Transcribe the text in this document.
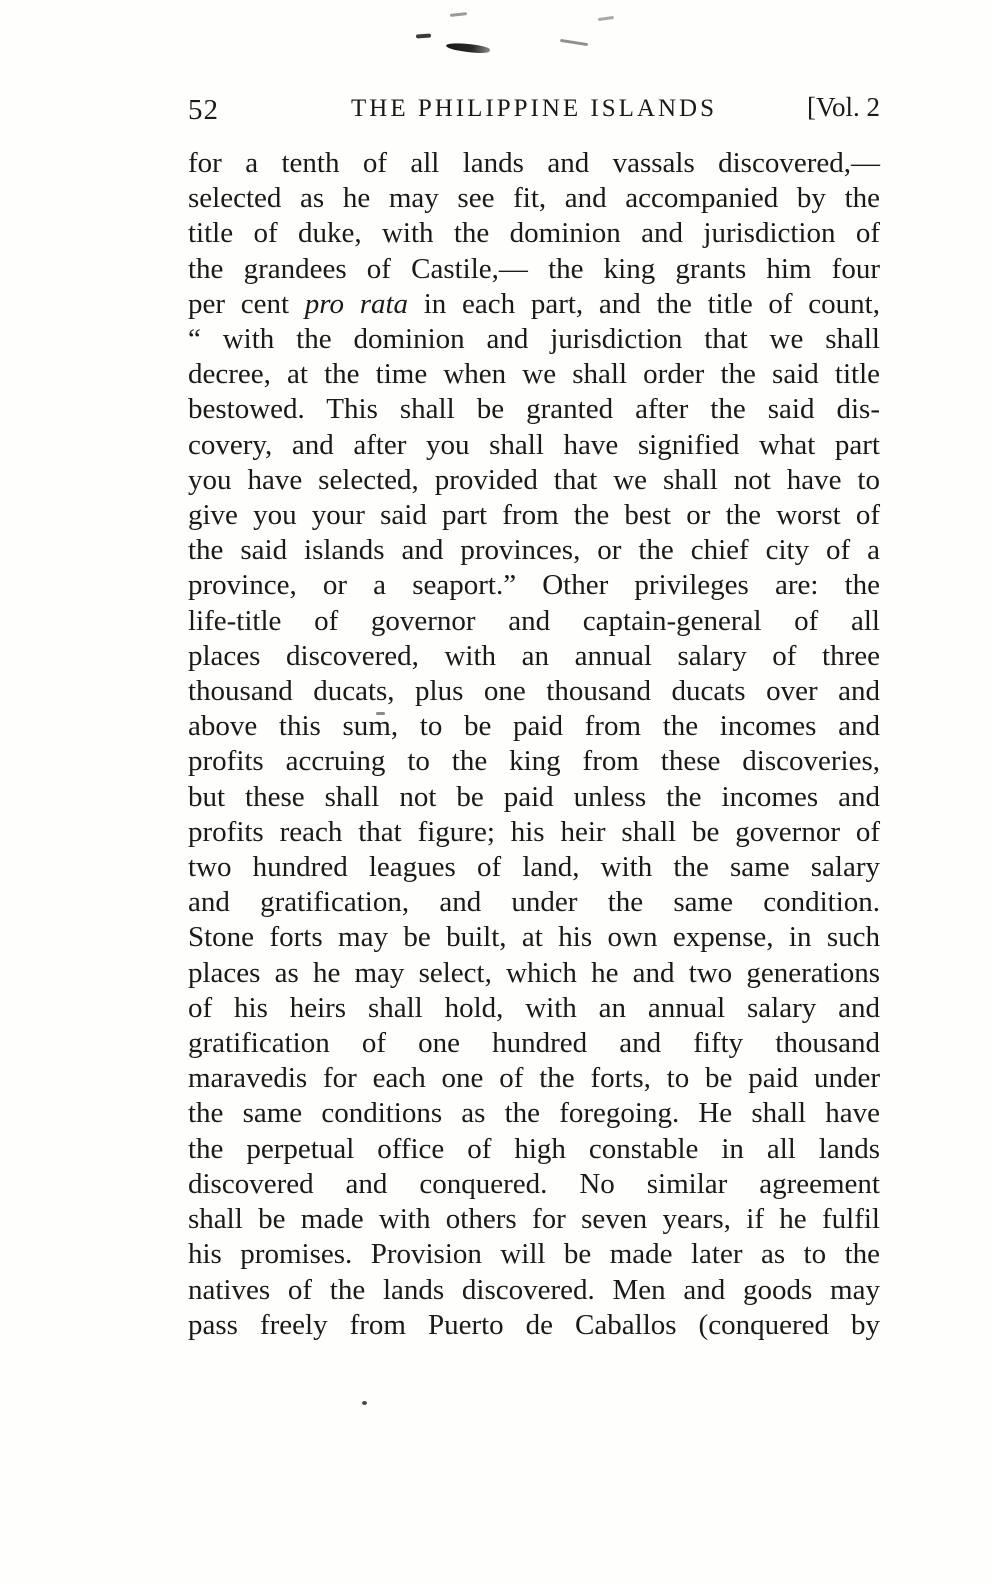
52	THE PHILIPPINE ISLANDS	[Vol. 2
for a tenth of all lands and vassals discovered,—
selected as he may see fit, and accompanied by the
title of duke, with the dominion and jurisdiction of
the grandees of Castile,— the king grants him four
per cent pro rata in each part, and the title of count,
“ with the dominion and jurisdiction that we shall
decree, at the time when we shall order the said title
bestowed. This shall be granted after the said dis-
covery, and after you shall have signified what part
you have selected, provided that we shall not have to
give you your said part from the best or the worst of
the said islands and provinces, or the chief city of a
province, or a seaport.” Other privileges are: the
life-title of governor and captain-general of all
places discovered, with an annual salary of three
thousand ducats, plus one thousand ducats over and
above this sum, to be paid from the incomes and
profits accruing to the king from these discoveries,
but these shall not be paid unless the incomes and
profits reach that figure; his heir shall be governor of
two hundred leagues of land, with the same salary
and gratification, and under the same condition.
Stone forts may be built, at his own expense, in such
places as he may select, which he and two generations
of his heirs shall hold, with an annual salary and
gratification of one hundred and fifty thousand
maravedis for each one of the forts, to be paid under
the same conditions as the foregoing. He shall have
the perpetual office of high constable in all lands
discovered and conquered. No similar agreement
shall be made with others for seven years, if he fulfil
his promises. Provision will be made later as to the
natives of the lands discovered. Men and goods may
pass freely from Puerto de Caballos (conquered by
